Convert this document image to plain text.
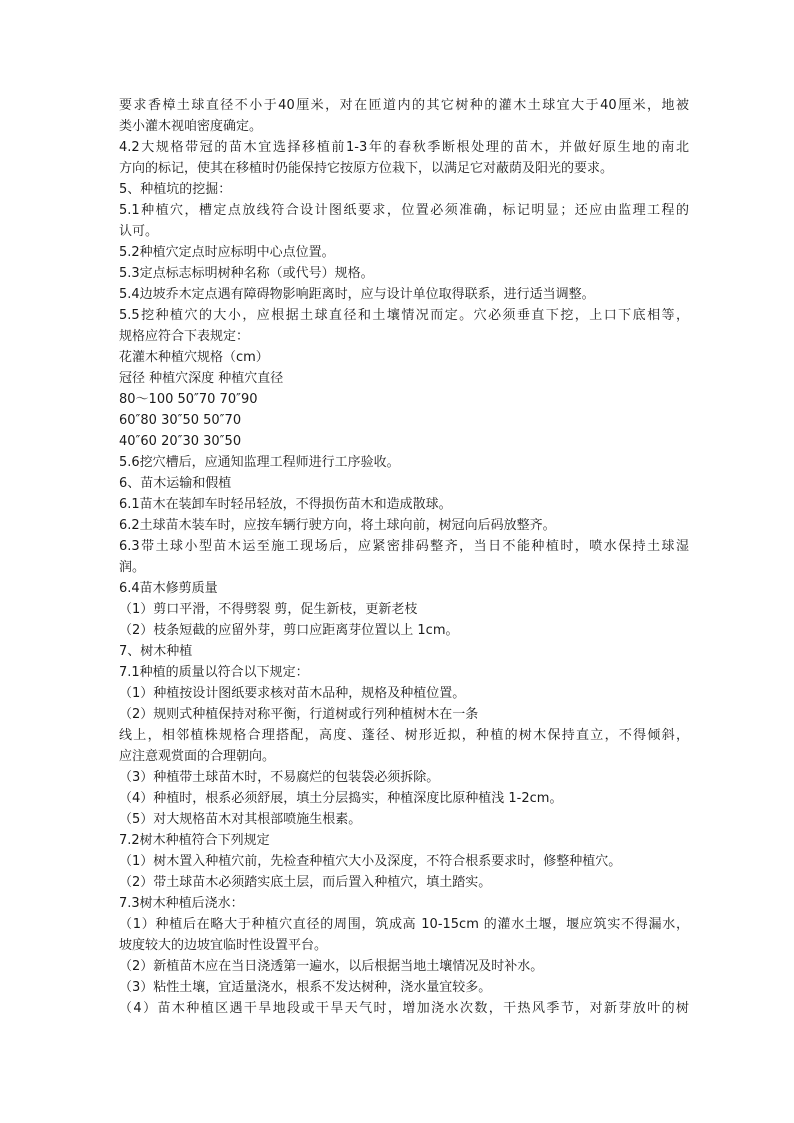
要求香樟土球直径不小于40厘米，对在匝道内的其它树种的灌木土球宜大于40厘米，地被
类小灌木视咱密度确定。
4.2大规格带冠的苗木宜选择移植前1-3年的春秋季断根处理的苗木，并做好原生地的南北
方向的标记，使其在移植时仍能保持它按原方位栽下，以满足它对蔽荫及阳光的要求。
5、种植坑的挖掘：
5.1种植穴，槽定点放线符合设计图纸要求，位置必须准确，标记明显；还应由监理工程的
认可。
5.2种植穴定点时应标明中心点位置。
5.3定点标志标明树种名称（或代号）规格。
5.4边坡乔木定点遇有障碍物影响距离时，应与设计单位取得联系，进行适当调整。
5.5挖种植穴的大小，应根据土球直径和土壤情况而定。穴必须垂直下挖，上口下底相等，
规格应符合下表规定：
花灌木种植穴规格（cm）
冠径 种植穴深度 种植穴直径
80～100 50″70 70″90
60″80 30″50 50″70
40″60 20″30 30″50
5.6挖穴槽后，应通知监理工程师进行工序验收。
6、苗木运输和假植
6.1苗木在装卸车时轻吊轻放，不得损伤苗木和造成散球。
6.2土球苗木装车时，应按车辆行驶方向，将土球向前，树冠向后码放整齐。
6.3带土球小型苗木运至施工现场后，应紧密排码整齐，当日不能种植时，喷水保持土球湿
润。
6.4苗木修剪质量
（1）剪口平滑，不得劈裂 剪，促生新枝，更新老枝
（2）枝条短截的应留外芽，剪口应距离芽位置以上 1cm。
7、树木种植
7.1种植的质量以符合以下规定：
（1）种植按设计图纸要求核对苗木品种，规格及种植位置。
（2）规则式种植保持对称平衡，行道树或行列种植树木在一条
线上，相邻植株规格合理搭配，高度、蓬径、树形近拟，种植的树木保持直立，不得倾斜，
应注意观赏面的合理朝向。
（3）种植带土球苗木时，不易腐烂的包装袋必须拆除。
（4）种植时，根系必须舒展，填土分层捣实，种植深度比原种植浅 1-2cm。
（5）对大规格苗木对其根部喷施生根素。
7.2树木种植符合下列规定
（1）树木置入种植穴前，先检查种植穴大小及深度，不符合根系要求时，修整种植穴。
（2）带土球苗木必须踏实底土层，而后置入种植穴，填土踏实。
7.3树木种植后浇水：
（1）种植后在略大于种植穴直径的周围，筑成高 10-15cm 的灌水土堰，堰应筑实不得漏水，
坡度较大的边坡宜临时性设置平台。
（2）新植苗木应在当日浇透第一遍水，以后根据当地土壤情况及时补水。
（3）粘性土壤，宜适量浇水，根系不发达树种，浇水量宜较多。
（4）苗木种植区遇干旱地段或干旱天气时，增加浇水次数，干热风季节，对新芽放叶的树
